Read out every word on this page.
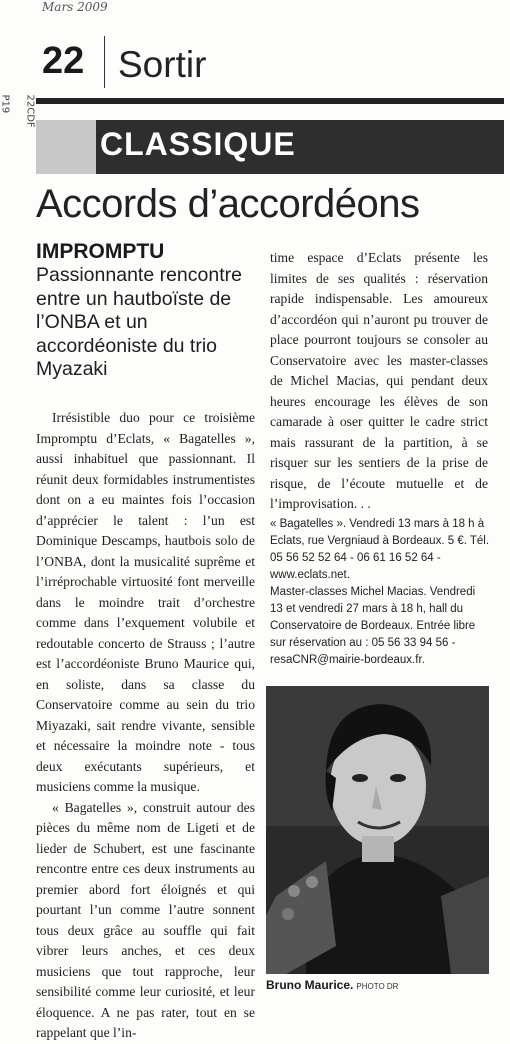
Mars 2009
P19 22CDF
22 Sortir
CLASSIQUE
Accords d’accordéons
IMPROMPTU
Passionnante rencontre entre un hautboïste de l’ONBA et un accordéoniste du trio Myazaki

Irrésistible duo pour ce troisième Impromptu d’Eclats, « Bagatelles », aussi inhabituel que passionnant. Il réunit deux formidables instrumentistes dont on a eu maintes fois l’occasion d’apprécier le talent : l’un est Dominique Descamps, hautbois solo de l’ONBA, dont la musicalité suprême et l’irréprochable virtuosité font merveille dans le moindre trait d’orchestre comme dans l’exquement volubile et redoutable concerto de Strauss ; l’autre est l’accordéoniste Bruno Maurice qui, en soliste, dans sa classe du Conservatoire comme au sein du trio Miyazaki, sait rendre vivante, sensible et nécessaire la moindre note - tous deux exécutants supérieurs, et musiciens comme la musique.

« Bagatelles », construit autour des pièces du même nom de Ligeti et de lieder de Schubert, est une fascinante rencontre entre ces deux instruments au premier abord fort éloignés et qui pourtant l’un comme l’autre sonnent tous deux grâce au souffle qui fait vibrer leurs anches, et ces deux musiciens que tout rapproche, leur sensibilité comme leur curiosité, et leur éloquence. A ne pas rater, tout en se rappelant que l’in-

time espace d’Eclats présente les limites de ses qualités : réservation rapide indispensable. Les amoureux d’accordéon qui n’auront pu trouver de place pourront toujours se consoler au Conservatoire avec les master-classes de Michel Macias, qui pendant deux heures encourage les élèves de son camarade à oser quitter le cadre strict mais rassurant de la partition, à se risquer sur les sentiers de la prise de risque, de l’écoute mutuelle et de l’improvisation. . .

« Bagatelles ». Vendredi 13 mars à 18 h à Eclats, rue Vergniaud à Bordeaux. 5 €. Tél. 05 56 52 52 64 - 06 61 16 52 64 - www.eclats.net.

Master-classes Michel Macias. Vendredi 13 et vendredi 27 mars à 18 h, hall du Conservatoire de Bordeaux. Entrée libre sur réservation au : 05 56 33 94 56 - resaCNR@mairie-bordeaux.fr.

Bruno Maurice. PHOTO DR
